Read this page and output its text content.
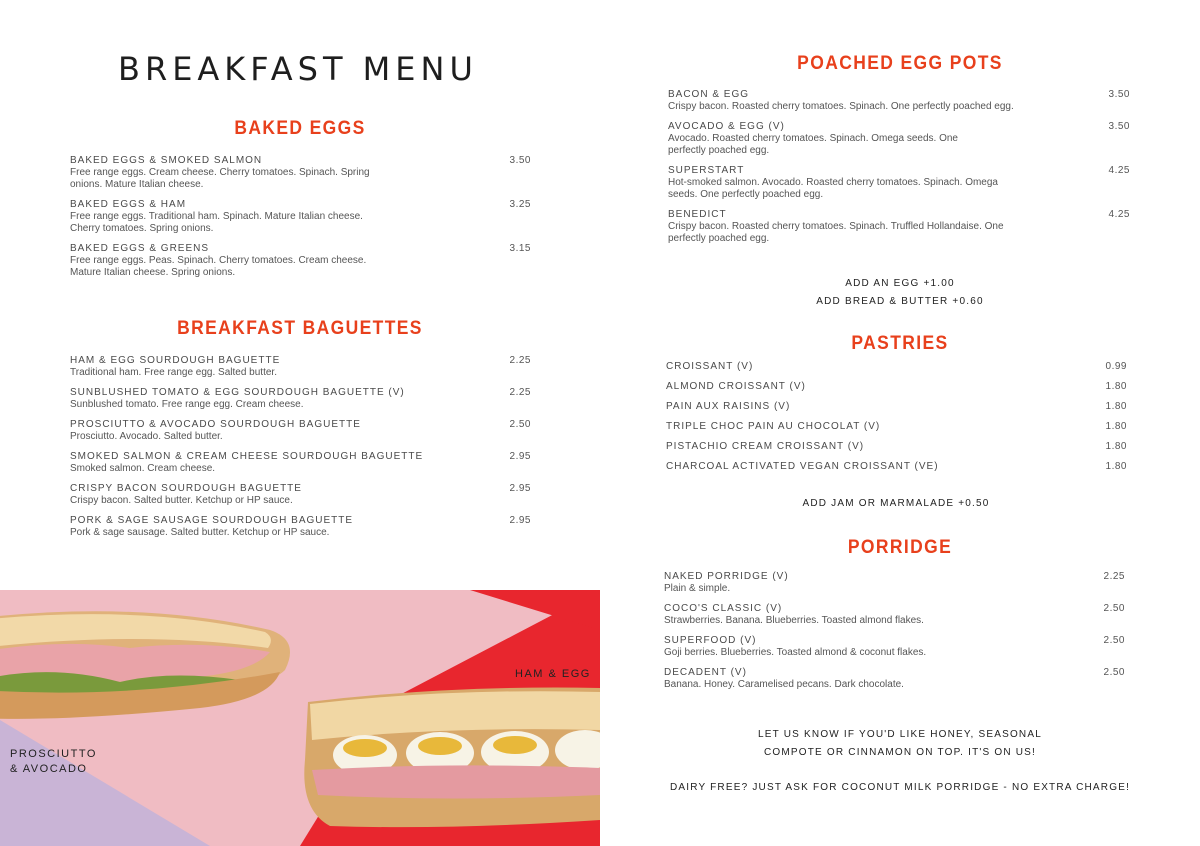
BREAKFAST MENU
BAKED EGGS
BAKED EGGS & SMOKED SALMON
Free range eggs. Cream cheese. Cherry tomatoes. Spinach. Spring onions. Mature Italian cheese.
3.50
BAKED EGGS & HAM
Free range eggs. Traditional ham. Spinach. Mature Italian cheese. Cherry tomatoes. Spring onions.
3.25
BAKED EGGS & GREENS
Free range eggs. Peas. Spinach. Cherry tomatoes. Cream cheese. Mature Italian cheese. Spring onions.
3.15
BREAKFAST BAGUETTES
HAM & EGG SOURDOUGH BAGUETTE
Traditional ham. Free range egg. Salted butter.
2.25
SUNBLUSHED TOMATO & EGG SOURDOUGH BAGUETTE (V)
Sunblushed tomato. Free range egg. Cream cheese.
2.25
PROSCIUTTO & AVOCADO SOURDOUGH BAGUETTE
Prosciutto. Avocado. Salted butter.
2.50
SMOKED SALMON & CREAM CHEESE SOURDOUGH BAGUETTE
Smoked salmon. Cream cheese.
2.95
CRISPY BACON SOURDOUGH BAGUETTE
Crispy bacon. Salted butter. Ketchup or HP sauce.
2.95
PORK & SAGE SAUSAGE SOURDOUGH BAGUETTE
Pork & sage sausage. Salted butter. Ketchup or HP sauce.
2.95
PROSCIUTTO & AVOCADO
HAM & EGG
POACHED EGG POTS
BACON & EGG
Crispy bacon. Roasted cherry tomatoes. Spinach. One perfectly poached egg.
3.50
AVOCADO & EGG (V)
Avocado. Roasted cherry tomatoes. Spinach. Omega seeds. One perfectly poached egg.
3.50
SUPERSTART
Hot-smoked salmon. Avocado. Roasted cherry tomatoes. Spinach. Omega seeds. One perfectly poached egg.
4.25
BENEDICT
Crispy bacon. Roasted cherry tomatoes. Spinach. Truffled Hollandaise. One perfectly poached egg.
4.25
ADD AN EGG +1.00
ADD BREAD & BUTTER +0.60
PASTRIES
CROISSANT (V)	0.99
ALMOND CROISSANT (V)	1.80
PAIN AUX RAISINS (V)	1.80
TRIPLE CHOC PAIN AU CHOCOLAT (V)	1.80
PISTACHIO CREAM CROISSANT (V)	1.80
CHARCOAL ACTIVATED VEGAN CROISSANT (VE)	1.80
ADD JAM OR MARMALADE +0.50
PORRIDGE
NAKED PORRIDGE (V)
Plain & simple.
2.25
COCO'S CLASSIC (V)
Strawberries. Banana. Blueberries. Toasted almond flakes.
2.50
SUPERFOOD (V)
Goji berries. Blueberries. Toasted almond & coconut flakes.
2.50
DECADENT (V)
Banana. Honey. Caramelised pecans. Dark chocolate.
2.50
LET US KNOW IF YOU'D LIKE HONEY, SEASONAL COMPOTE OR CINNAMON ON TOP. IT'S ON US!
DAIRY FREE? JUST ASK FOR COCONUT MILK PORRIDGE - NO EXTRA CHARGE!
